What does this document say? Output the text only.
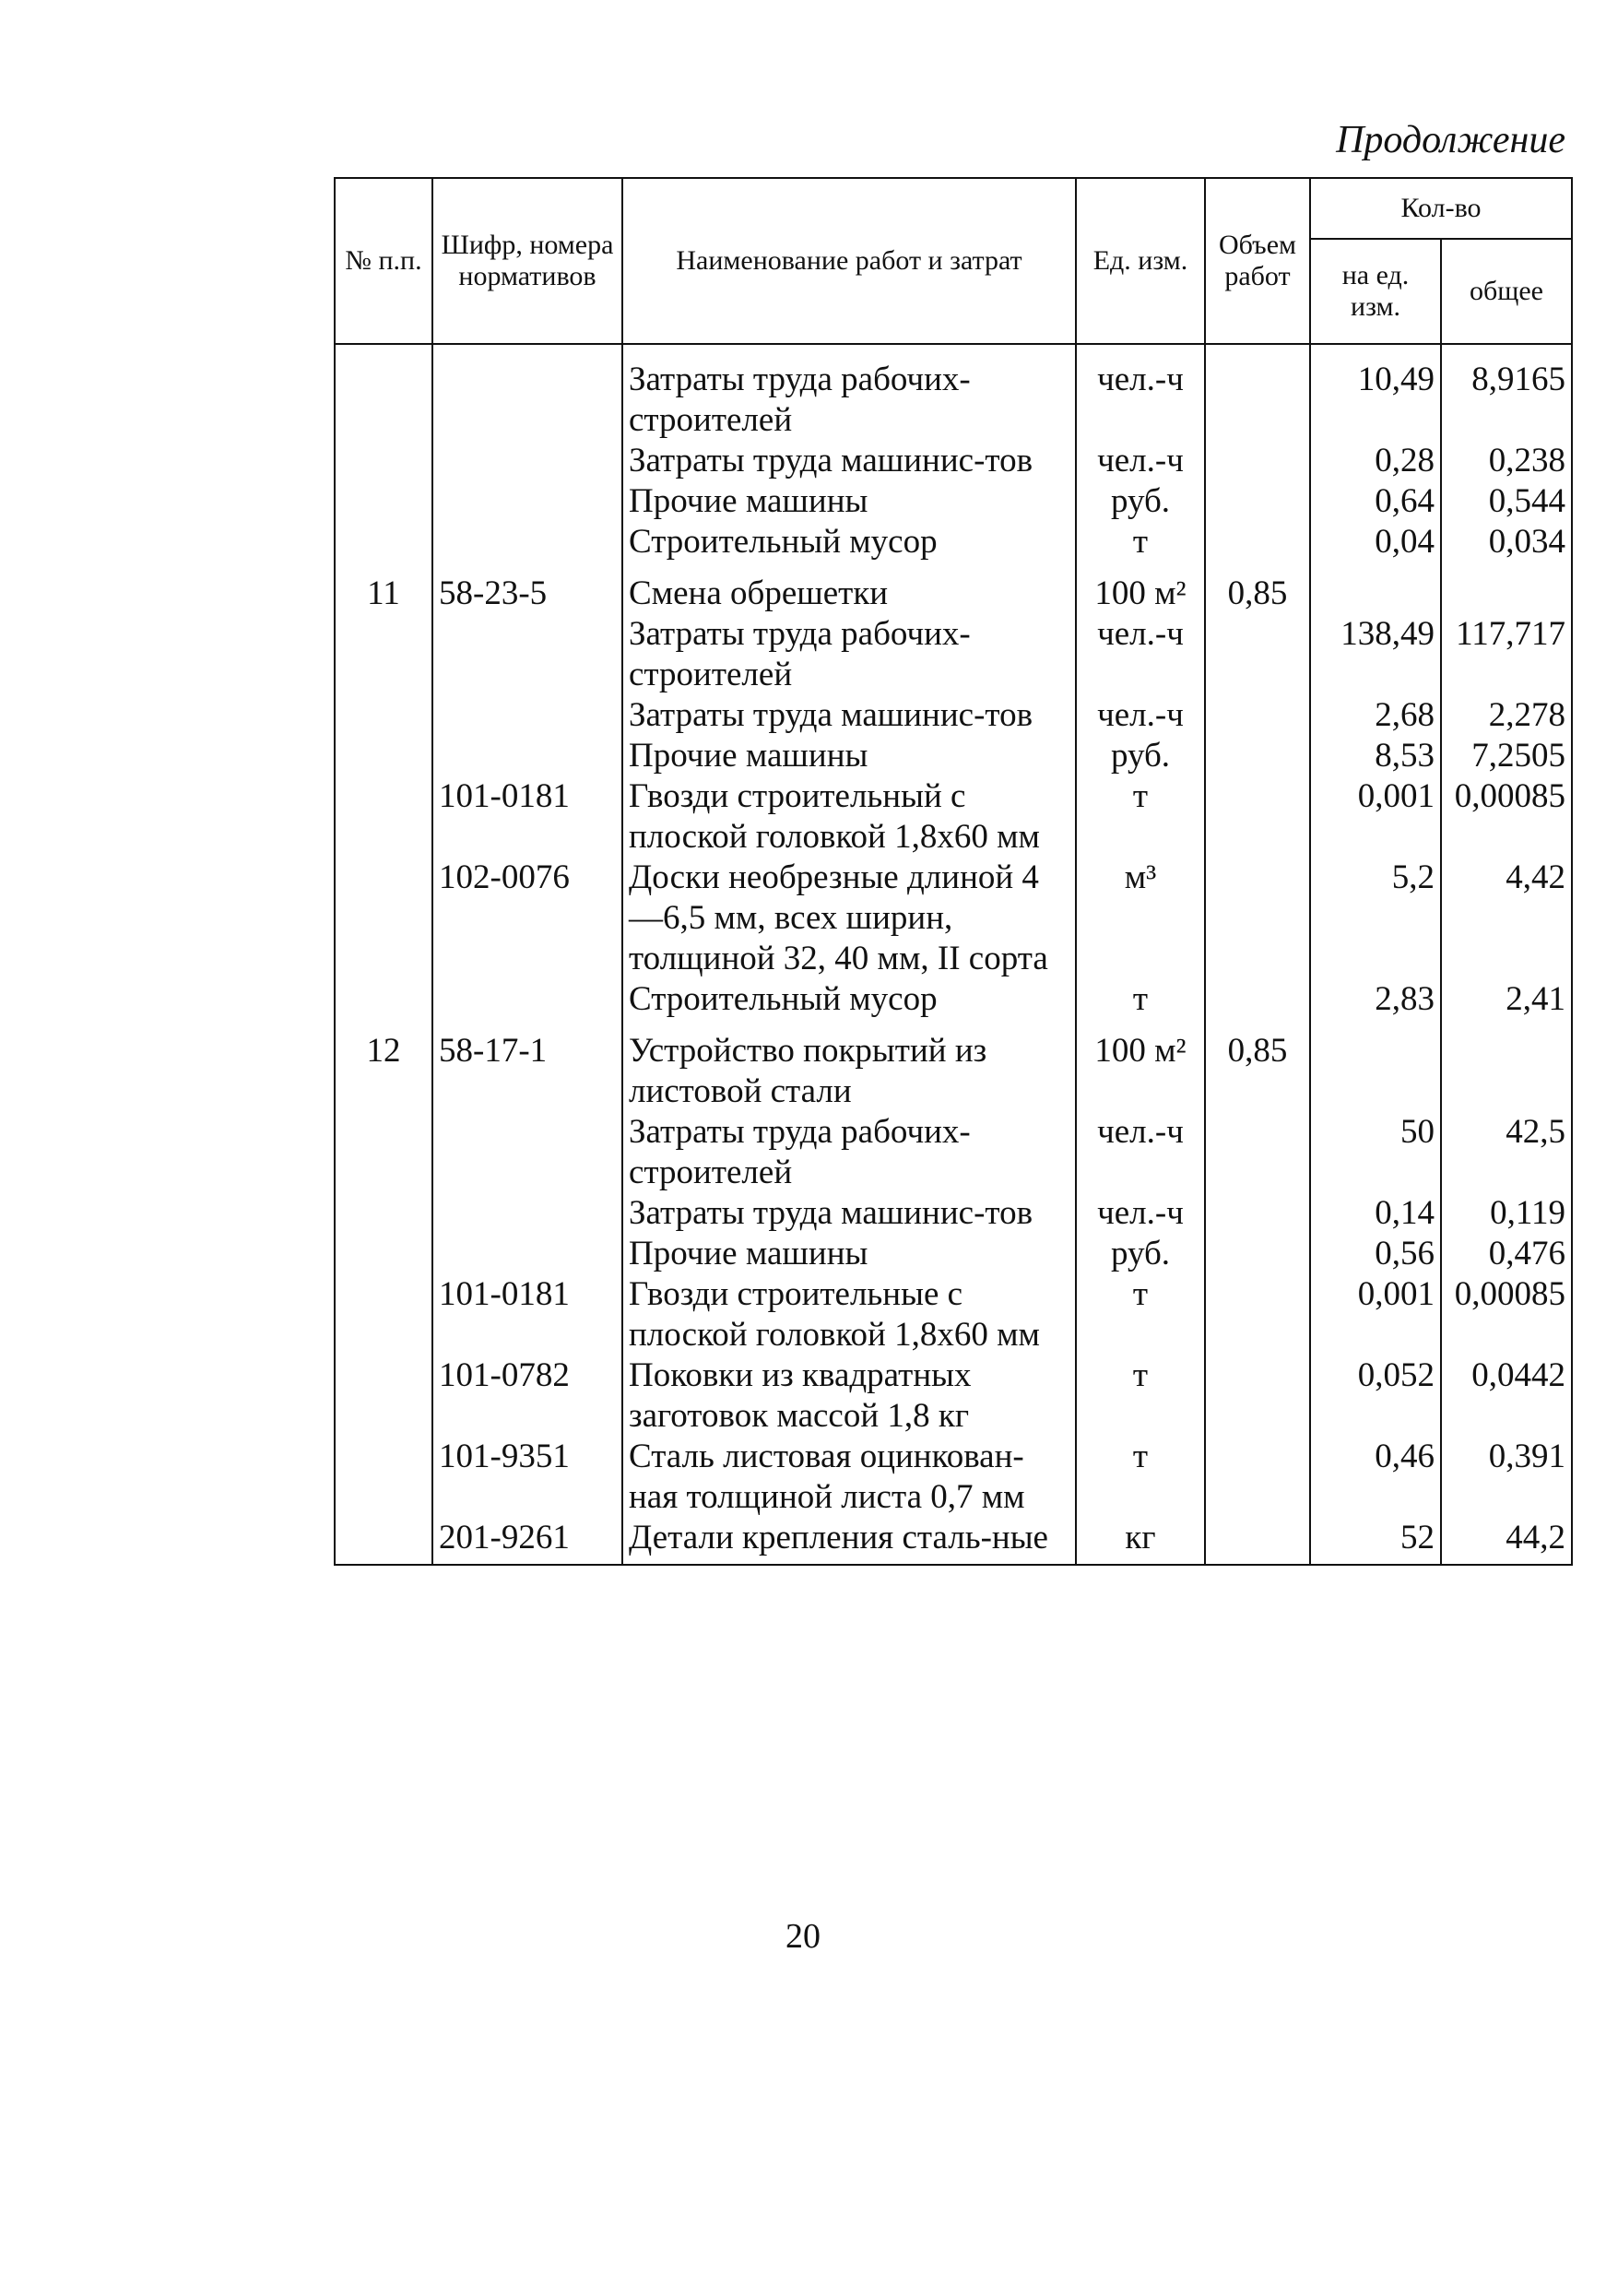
Продолжение
№ п.п.	Шифр, номера нормативов	Наименование работ и затрат	Ед. изм.	Объем работ	Кол-во	
					на ед. изм.	общее
		Затраты труда рабочих-строителей	чел.-ч		10,49	8,9165
		Затраты труда машинис-тов	чел.-ч		0,28	0,238
		Прочие машины	руб.		0,64	0,544
		Строительный мусор	т		0,04	0,034
11	58-23-5	Смена обрешетки	100 м²	0,85		
		Затраты труда рабочих-строителей	чел.-ч		138,49	117,717
		Затраты труда машинис-тов	чел.-ч		2,68	2,278
		Прочие машины	руб.		8,53	7,2505
	101-0181	Гвозди строительный с плоской головкой 1,8х60 мм	т		0,001	0,00085
	102-0076	Доски необрезные длиной 4—6,5 мм, всех ширин, толщиной 32, 40 мм, II сорта	м³		5,2	4,42
		Строительный мусор	т		2,83	2,41
12	58-17-1	Устройство покрытий из листовой стали	100 м²	0,85		
		Затраты труда рабочих-строителей	чел.-ч		50	42,5
		Затраты труда машинис-тов	чел.-ч		0,14	0,119
		Прочие машины	руб.		0,56	0,476
	101-0181	Гвозди строительные с плоской головкой 1,8х60 мм	т		0,001	0,00085
	101-0782	Поковки из квадратных заготовок массой 1,8 кг	т		0,052	0,0442
	101-9351	Сталь листовая оцинкован-ная толщиной листа 0,7 мм	т		0,46	0,391
	201-9261	Детали крепления сталь-ные	кг		52	44,2
20
